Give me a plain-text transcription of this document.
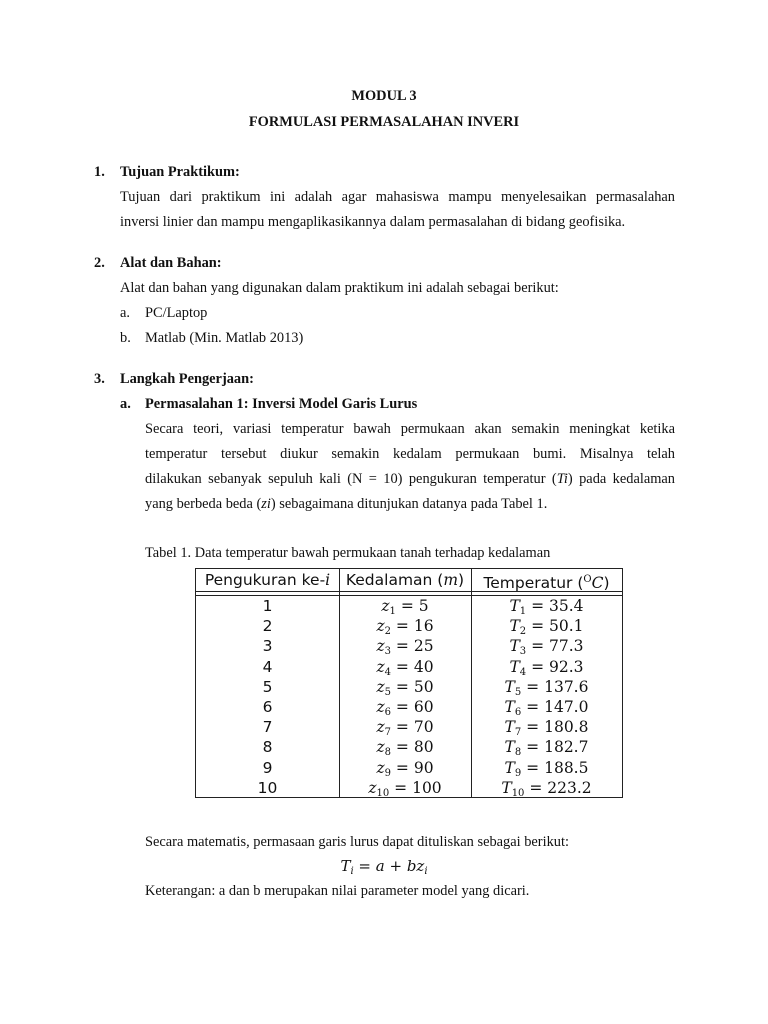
MODUL 3
FORMULASI PERMASALAHAN INVERI
1. Tujuan Praktikum:
Tujuan dari praktikum ini adalah agar mahasiswa mampu menyelesaikan permasalahan
inversi linier dan mampu mengaplikasikannya dalam permasalahan di bidang geofisika.
2. Alat dan Bahan:
Alat dan bahan yang digunakan dalam praktikum ini adalah sebagai berikut:
a. PC/Laptop
b. Matlab (Min. Matlab 2013)
3. Langkah Pengerjaan:
a. Permasalahan 1: Inversi Model Garis Lurus
Secara teori, variasi temperatur bawah permukaan akan semakin meningkat ketika
temperatur tersebut diukur semakin kedalam permukaan bumi. Misalnya telah
dilakukan sebanyak sepuluh kali (N = 10) pengukuran temperatur (Ti) pada kedalaman
yang berbeda beda (zi) sebagaimana ditunjukan datanya pada Tabel 1.
Tabel 1. Data temperatur bawah permukaan tanah terhadap kedalaman
Pengukuran ke-i	Kedalaman (m)	Temperatur ($^O$C)
1	$z_1 = 5$	$T_1 = 35.4$
2	$z_2 = 16$	$T_2 = 50.1$
3	$z_3 = 25$	$T_3 = 77.3$
4	$z_4 = 40$	$T_4 = 92.3$
5	$z_5 = 50$	$T_5 = 137.6$
6	$z_6 = 60$	$T_6 = 147.0$
7	$z_7 = 70$	$T_7 = 180.8$
8	$z_8 = 80$	$T_8 = 182.7$
9	$z_9 = 90$	$T_9 = 188.5$
10	$z_{10} = 100$	$T_{10} = 223.2$
Secara matematis, permasaan garis lurus dapat dituliskan sebagai berikut:
$T_i = a + bz_i$
Keterangan: a dan b merupakan nilai parameter model yang dicari.
